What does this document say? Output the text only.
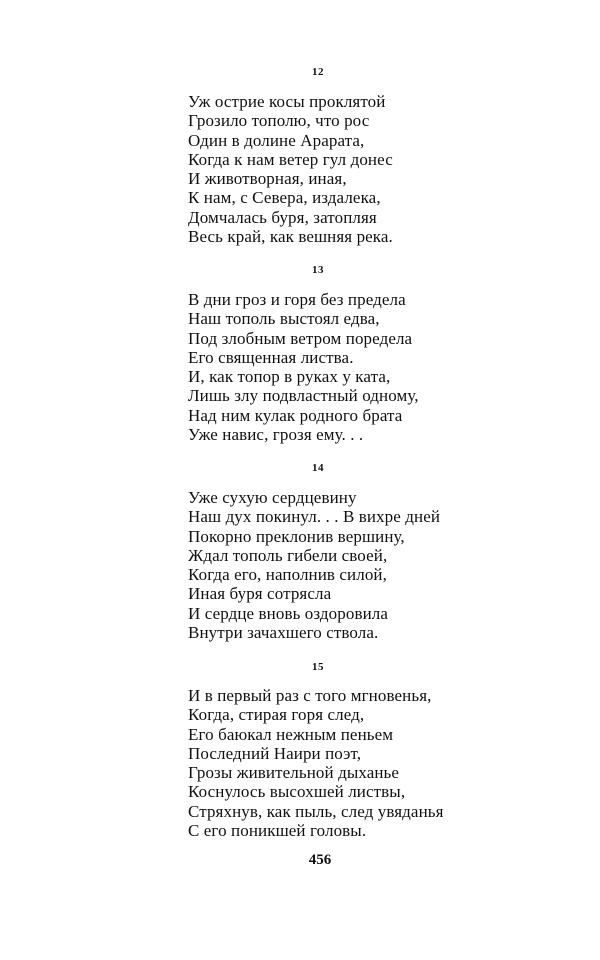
12
Уж острие косы проклятой
Грозило тополю, что рос
Один в долине Арарата,
Когда к нам ветер гул донес
И животворная, иная,
К нам, с Севера, издалека,
Домчалась буря, затопляя
Весь край, как вешняя река.
13
В дни гроз и горя без предела
Наш тополь выстоял едва,
Под злобным ветром поредела
Его священная листва.
И, как топор в руках у ката,
Лишь злу подвластный одному,
Над ним кулак родного брата
Уже навис, грозя ему. . .
14
Уже сухую сердцевину
Наш дух покинул. . . В вихре дней
Покорно преклонив вершину,
Ждал тополь гибели своей,
Когда его, наполнив силой,
Иная буря сотрясла
И сердце вновь оздоровила
Внутри зачахшего ствола.
15
И в первый раз с того мгновенья,
Когда, стирая горя след,
Его баюкал нежным пеньем
Последний Наири поэт,
Грозы живительной дыханье
Коснулось высохшей листвы,
Стряхнув, как пыль, след увяданья
С его поникшей головы.
456
